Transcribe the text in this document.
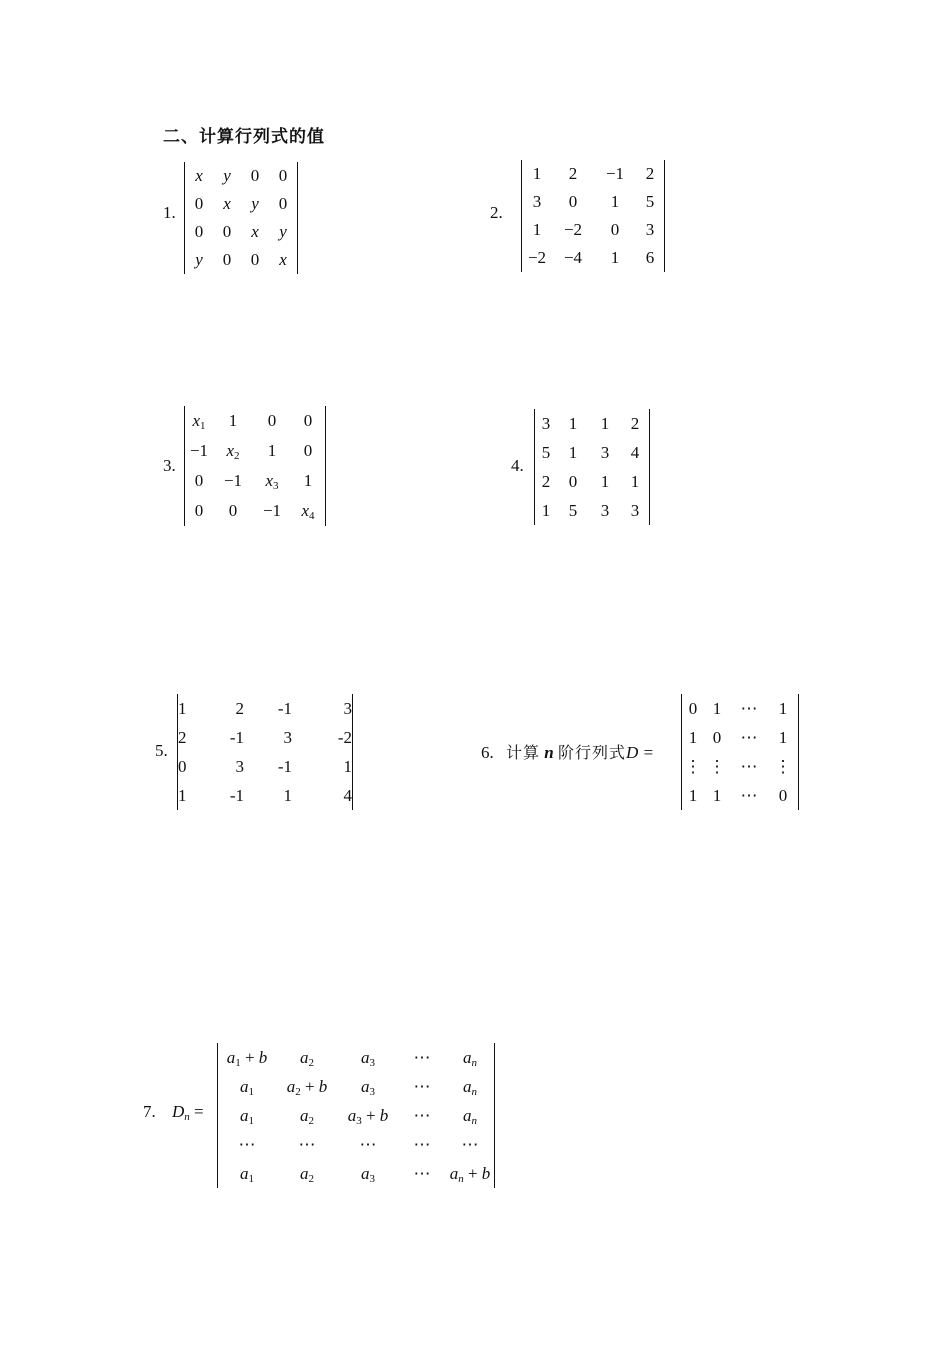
二、计算行列式的值
1.
x	y	0	0
0	x	y	0
0	0	x	y
y	0	0	x
2.
1	2	−1	2
3	0	1	5
1	−2	0	3
−2	−4	1	6
3.
$x_1$	1	0	0
−1	$x_2$	1	0
0	−1	$x_3$	1
0	0	−1	$x_4$
4.
3	1	1	2
5	1	3	4
2	0	1	1
1	5	3	3
5.
1	2	-1	3
2	-1	3	-2
0	3	-1	1
1	-1	1	4
6. 计算 n 阶行列式D =
0	1	⋯	1
1	0	⋯	1
⋮	⋮	⋯	⋮
1	1	⋯	0
7. $D_n$ =
$a_1 + b$	$a_2$	$a_3$	⋯	$a_n$
$a_1$	$a_2 + b$	$a_3$	⋯	$a_n$
$a_1$	$a_2$	$a_3 + b$	⋯	$a_n$
⋯	⋯	⋯	⋯	⋯
$a_1$	$a_2$	$a_3$	⋯	$a_n + b$
